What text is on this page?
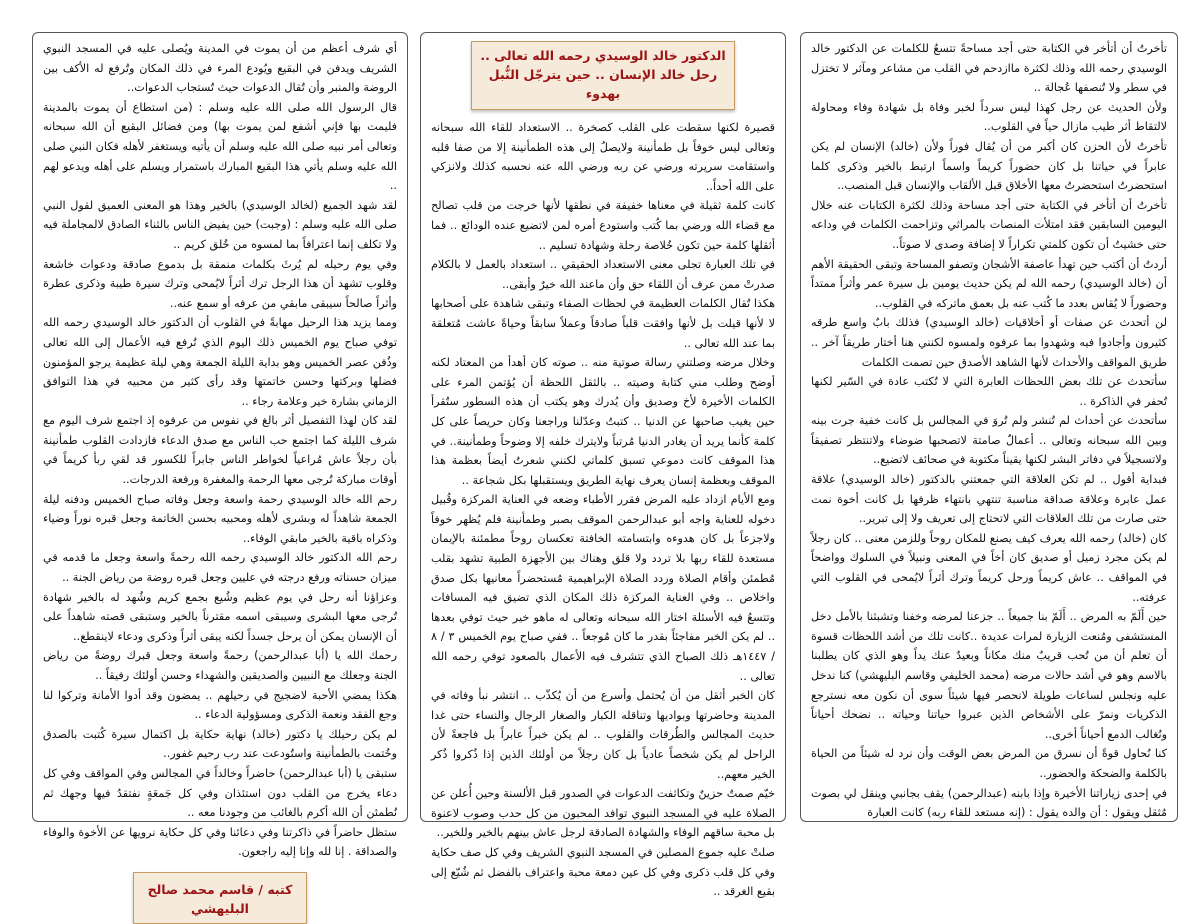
تأخرتُ أن أتأخر في الكتابة حتى أجد مساحةً تتسعُ للكلمات عن الدكتور خالد الوسيدي رحمه الله وذلك لكثرة ماازدحم في القلب من مشاعر ومآثر لا تختزل في سطر ولا تُنصفها عُجالة ..

ولأن الحديث عن رجل كهذا ليس سرداً لخبر وفاة بل شهادة وفاء ومحاولة لالتقاط أثر طيب مازال حياً في القلوب..

تأخرتُ لأن الحزن كان أكبر من أن يُقال فوراً ولأن (خالد) الإنسان لم يكن عابراً في حياتنا بل كان حضوراً كريماً واسماً ارتبط بالخير وذكرى كلما استحضرتُ استحضرتُ معها الأخلاق قبل الألقاب والإنسان قبل المنصب..

تأخرتُ أن أتأخر في الكتابة حتى أجد مساحة وذلك لكثرة الكتابات عنه خلال اليومين السابقين فقد امتلأت المنصات بالمراثي وتزاحمت الكلمات في وداعه حتى خشيتُ أن تكون كلمتي تكراراً لا إضافة وصدى لا صوتاً..

أردتُ أن أكتب حين تهدأ عاصفة الأشجان وتصفو المساحة وتبقى الحقيقة الأهم أن (خالد الوسيدي) رحمه الله لم يكن حديث يومين بل سيرة عمر وأثراً ممتداً وحضوراً لا يُقاس بعدد ما كُتب عنه بل بعمق ماتركه في القلوب..

لن أتحدث عن صفات أو أخلاقيات (خالد الوسيدي) فذلك بابٌ واسع طرقه كثيرون وأجادوا فيه وشهدوا بما عرفوه ولمسوه لكنني هنا أختار طريقاً آخر .. طريق المواقف والأحداث لأنها الشاهد الأصدق حين تصمت الكلمات

سأتحدث عن تلك بعض اللحظات العابرة التي لا تُكتب عادة في السّير لكنها تُحفر في الذاكرة ..

سأتحدث عن أحداث لم تُنشر ولم تُروَ في المجالس بل كانت خفية جرت بينه وبين الله سبحانه وتعالى .. أعمالٌ صامتة لاتصحبها ضوضاء ولاتنتظر تصفيقاً ولاتسجيلاً في دفاتر البشر لكنها يقيناً مكتوبة في صحائف لاتضيع..

فبداية أقول .. لم تكن العلاقة التي جمعتني بالدكتور (خالد الوسيدي) علاقة عمل عابرة وعلاقة صداقة مناسبة تنتهي بانتهاء ظرفها بل كانت أخوة نمت حتى صارت من تلك العلاقات التي لاتحتاج إلى تعريف ولا إلى تبرير..

كان (خالد) رحمه الله يعرف كيف يصنع للمكان روحاً وللزمن معنى .. كان رجلاً لم يكن مجرد زميل أو صديق كان أخاً في المعنى ونبيلاً في السلوك وواضحاً في المواقف .. عاش كريماً ورحل كريماً وترك أثراً لايُمحى في القلوب التي عرفته..

حين أَلَمّ به المرض .. أَلَمّ بنا جميعاً .. جزعنا لمرضه وخفنا وتشبثنا بالأمل دخل المستشفى ومُنعت الزيارة لمرات عديدة ..كانت تلك من أشد اللحظات قسوة أن تعلم أن من تُحب قريبٌ منك مكاناً وبعيدٌ عنك يداً وهو الذي كان يطلبنا بالاسم وهو في أشد حالات مرضه (محمد الخليفي وقاسم البليهشي) كنا ندخل عليه ونجلس لساعات طويلة لانحصر فيها شيئاً سوى أن نكون معه نسترجع الذكريات ونمرّ على الأشخاص الذين عبروا حياتنا وحياته .. نضحك أحياناً ونُغالب الدمع أحياناً أخرى..

كنا نُحاول قوةً أن نسرق من المرض بعض الوقت وأن نرد له شيئاً من الحياة بالكلمة والضحكة والحضور..

في إحدى زياراتنا الأخيرة وإذا بابنه (عبدالرحمن) يقف بجانبي وينقل لي بصوت مُثقل ويقول : أن والده يقول : (إنه مستعد للقاء ربه) كانت العبارة

الدكتور خالد الوسيدي رحمه الله تعالى ..
رحل خالد الإنسان .. حين يترجّل النُّبل بهدوء

قصيرة لكنها سقطت على القلب كصخرة .. الاستعداد للقاء الله سبحانه وتعالى ليس خوفاً بل طمأنينة ولايصلُ إلى هذه الطمأنينة إلا من صفا قلبه واستقامت سريرته ورضي عن ربه ورضي الله عنه نحسبه كذلك ولانزكي على الله أحداً..

كانت كلمة ثقيلة في معناها خفيفة في نطقها لأنها خرجت من قلب تصالح مع قضاء الله ورضي بما كُتب واستودع أمره لمن لاتضيع عنده الودائع .. فما أثقلها كلمة حين تكون خُلاصة رحلة وشهادة تسليم ..

في تلك العبارة تجلى معنى الاستعداد الحقيقي .. استعداد بالعمل لا بالكلام صدرتْ ممن عرف أن اللقاء حق وأن ماعند الله خيرٌ وأبقى..

هكذا تُقال الكلمات العظيمة في لحظات الصفاء وتبقى شاهدة على أصحابها لا لأنها قيلت بل لأنها وافقت قلباً صادقاً وعملاً سابقاً وحياةً عاشت مُتعلقة بما عند الله تعالى ..

وخلال مرضه وصلتني رسالة صوتية منه .. صوته كان أهدأ من المعتاد لكنه أوضح وطلب مني كتابة وصيته .. بالثقل اللحظة أن يُؤتمن المرء على الكلمات الأخيرة لأخ وصديق وأن يُدرك وهو يكتب أن هذه السطور ستُقرأ حين يغيب صاحبها عن الدنيا .. كتبتُ وعدّلنا وراجعنا وكان حريصاً على كل كلمة كأنما يريد أن يغادر الدنيا مُرتباً ولايترك خلفه إلا وضوحاً وطمأنينة.. في هذا الموقف كانت دموعي تسبق كلماتي لكنني شعرتُ أيضاً بعظمة هذا الموقف وبعظمة إنسان يعرف نهاية الطريق ويستقبلها بكل شجاعة ..

ومع الأيام ازداد عليه المرض فقرر الأطباء وضعه في العناية المركزة وقُبيل دخوله للعناية واجه أبو عبدالرحمن الموقف بصبر وطمأنينة فلم يُظهر خوفاً ولاجزعاً بل كان هدوءه وابتسامته الخافتة تعكسان روحاً مطمئنة بالإيمان مستعدة للقاء ربها بلا تردد ولا قلق وهناك بين الأجهزة الطبية تشهد بقلب مُطمئن وأقام الصلاة وردد الصلاة الإبراهيمية مُستحضراً معانيها بكل صدق واخلاص .. وفي العناية المركزة ذلك المكان الذي تضيق فيه المسافات وتتسعُ فيه الأسئلة اختار الله سبحانه وتعالى له ماهو خير حيث توفي بعدها .. لم يكن الخبر مفاجئاً بقدر ما كان مُوجعاً .. ففي صباح يوم الخميس ٣ / ٨ / ١٤٤٧هـ ذلك الصباح الذي تتشرف فيه الأعمال بالصعود توفي رحمه الله تعالى ..

كان الخبر أثقل من أن يُحتمل وأسرع من أن يُكذّب .. انتشر نبأ وفاته في المدينة وحاضرتها وبواديها وتناقله الكبار والصغار الرجال والنساء حتى غدا حديث المجالس والطُرقات والقلوب .. لم يكن خبراً عابراً بل فاجعةً لأن الراحل لم يكن شخصاً عادياً بل كان رجلاً من أولئك الذين إذا ذُكروا ذُكر الخير معهم..

خيّم صمتٌ حزينٌ وتكاثفت الدعوات في الصدور قبل الألسنة وحين أُعلن عن الصلاة عليه في المسجد النبوي توافد المحبون من كل حدب وصوب لاعنوة بل محبة ساقهم الوفاء والشهادة الصادقة لرجل عاش بينهم بالخير وللخير..

صلتْ عليه جموع المصلين في المسجد النبوي الشريف وفي كل صف حكاية وفي كل قلب ذكرى وفي كل عين دمعة محبة واعتراف بالفضل ثم شُيّع إلى بقيع الغرقد ..

أي شرف أعظم من أن يموت في المدينة ويُصلى عليه في المسجد النبوي الشريف ويدفن في البقيع ويُودع المرء في ذلك المكان وتُرفع له الأكف بين الروضة والمنبر وأن تُقال الدعوات حيث تُستجاب الدعوات..

قال الرسول الله صلى الله عليه وسلم : (من استطاع أن يموت بالمدينة فليمت بها فإني أشفع لمن يموت بها) ومن فضائل البقيع أن الله سبحانه وتعالى أمر نبيه صلى الله عليه وسلم أن يأتيه ويستغفر لأهله فكان النبي صلى الله عليه وسلم يأتي هذا البقيع المبارك باستمرار ويسلم على أهله ويدعو لهم ..

لقد شهد الجميع (لخالد الوسيدي) بالخير وهذا هو المعنى العميق لقول النبي صلى الله عليه وسلم : (وجبت) حين يفيض الناس بالثناء الصادق لالمجاملة فيه ولا تكلف إنما اعترافاً بما لمسوه من خُلق كريم ..

وفي يوم رحيله لم يُرثَ بكلمات منمقة بل بدموع صادقة ودعوات خاشعة وقلوب تشهد أن هذا الرجل ترك أثراً لايُمحى وترك سيرة طيبة وذكرى عطرة وأثراً صالحاً سيبقى مابقي من عرفه أو سمع عنه..

ومما يزيد هذا الرحيل مهابةً في القلوب أن الدكتور خالد الوسيدي رحمه الله توفي صباح يوم الخميس ذلك اليوم الذي تُرفع فيه الأعمال إلى الله تعالى وذُفن عصر الخميس وهو بداية الليلة الجمعة وهي ليلة عظيمة يرجو المؤمنون فضلها وبركتها وحسن خاتمتها وقد رأى كثير من محبيه في هذا التوافق الزماني بشارة خير وعلامة رجاء ..

لقد كان لهذا التفصيل أثر بالغ في نفوس من عرفوه إذ اجتمع شرف اليوم مع شرف الليلة كما اجتمع حب الناس مع صدق الدعاء فازدادت القلوب طمأنينة بأن رجلاً عاش مُراعياً لخواطر الناس جابراً للكسور قد لقي ربأ كريماً في أوقات مباركة تُرجى معها الرحمة والمغفرة ورفعة الدرجات..

رحم الله خالد الوسيدي رحمة واسعة وجعل وفاته صباح الخميس ودفنه ليلة الجمعة شاهداً له وبشرى لأهله ومحبيه بحسن الخاتمة وجعل قبره نوراً وضياء وذكراه باقية بالخير مابقي الوفاء..

رحم الله الدكتور خالد الوسيدي رحمه الله رحمةً واسعة وجعل ما قدمه في ميزان حسناته ورفع درجته في عليين وجعل قبره روضة من رياض الجنة ..

وعزاؤنا أنه رحل في يوم عظيم وشُيع بجمع كريم وشُهد له بالخير شهادة تُرجى معها البشرى وسيبقى اسمه مقترناً بالخير وستبقى قصته شاهداً على أن الإنسان يمكن أن يرحل جسداً لكنه يبقى أثراً وذكرى ودعاء لاينقطع..

رحمك الله يا (أبا عبدالرحمن) رحمةً واسعة وجعل قبرك روضةً من رياض الجنة وجعلك مع النبيين والصديقين والشهداء وحسن أولئك رفيقاً ..

هكذا يمضي الأحبة لاضجيج في رحيلهم .. يمضون وقد أدوا الأمانة وتركوا لنا وجع الفقد ونعمة الذكرى ومسؤولية الدعاء ..

لم يكن رحيلك يا دكتور (خالد) نهاية حكاية بل اكتمال سيرة كُتبت بالصدق وخُتمت بالطمأنينة واستُودعت عند رب رحيم غفور..

ستبقى يا (أبا عبدالرحمن) حاضراً وخالداً في المجالس وفي المواقف وفي كل دعاء يخرج من القلب دون استئذان وفي كل جَمعَةٍ نفتقدُ فيها وجهك ثم نُطمئن أن الله أكرم بالغائب من وجودنا معه ..

ستظل حاضراً في ذاكرتنا وفي دعائنا وفي كل حكاية نرويها عن الأخوة والوفاء والصداقة . إنا لله وإنا إليه راجعون.

كتبه / قاسم محمد صالح البليهشي
